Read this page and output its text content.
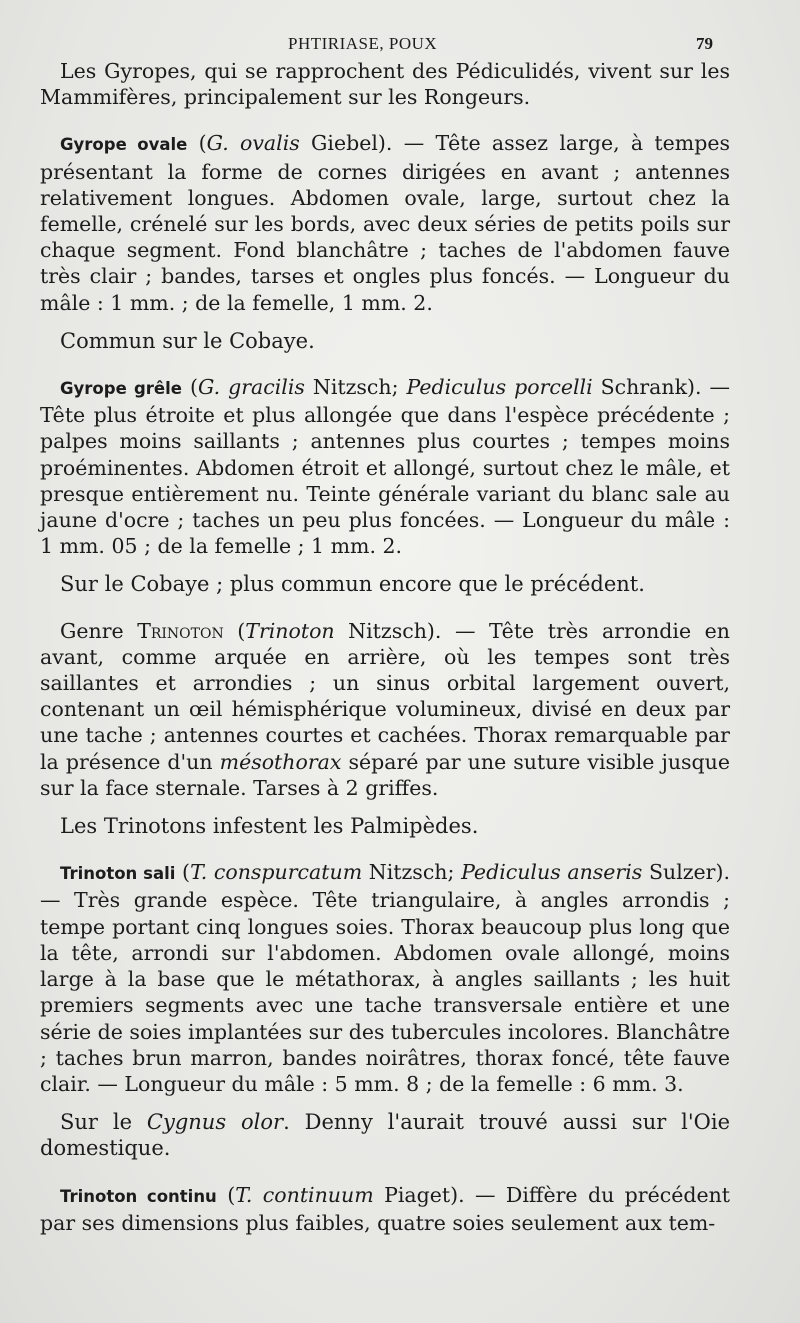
PHTIRIASE, POUX	79

Les Gyropes, qui se rapprochent des Pédiculidés, vivent sur les Mammifères, principalement sur les Rongeurs.

Gyrope ovale (G. ovalis Giebel). — Tête assez large, à tempes présentant la forme de cornes dirigées en avant ; antennes relativement longues. Abdomen ovale, large, surtout chez la femelle, crénelé sur les bords, avec deux séries de petits poils sur chaque segment. Fond blanchâtre ; taches de l'abdomen fauve très clair ; bandes, tarses et ongles plus foncés. — Longueur du mâle : 1 mm. ; de la femelle, 1 mm. 2.

Commun sur le Cobaye.

Gyrope grêle (G. gracilis Nitzsch; Pediculus porcelli Schrank). — Tête plus étroite et plus allongée que dans l'espèce précédente ; palpes moins saillants ; antennes plus courtes ; tempes moins proéminentes. Abdomen étroit et allongé, surtout chez le mâle, et presque entièrement nu. Teinte générale variant du blanc sale au jaune d'ocre ; taches un peu plus foncées. — Longueur du mâle : 1 mm. 05 ; de la femelle ; 1 mm. 2.

Sur le Cobaye ; plus commun encore que le précédent.

Genre Trinoton (Trinoton Nitzsch). — Tête très arrondie en avant, comme arquée en arrière, où les tempes sont très saillantes et arrondies ; un sinus orbital largement ouvert, contenant un œil hémisphérique volumineux, divisé en deux par une tache ; antennes courtes et cachées. Thorax remarquable par la présence d'un mésothorax séparé par une suture visible jusque sur la face sternale. Tarses à 2 griffes.

Les Trinotons infestent les Palmipèdes.

Trinoton sali (T. conspurcatum Nitzsch; Pediculus anseris Sulzer). — Très grande espèce. Tête triangulaire, à angles arrondis ; tempe portant cinq longues soies. Thorax beaucoup plus long que la tête, arrondi sur l'abdomen. Abdomen ovale allongé, moins large à la base que le métathorax, à angles saillants ; les huit premiers segments avec une tache transversale entière et une série de soies implantées sur des tubercules incolores. Blanchâtre ; taches brun marron, bandes noirâtres, thorax foncé, tête fauve clair. — Longueur du mâle : 5 mm. 8 ; de la femelle : 6 mm. 3.

Sur le Cygnus olor. Denny l'aurait trouvé aussi sur l'Oie domestique.

Trinoton continu (T. continuum Piaget). — Diffère du précédent par ses dimensions plus faibles, quatre soies seulement aux tem-
